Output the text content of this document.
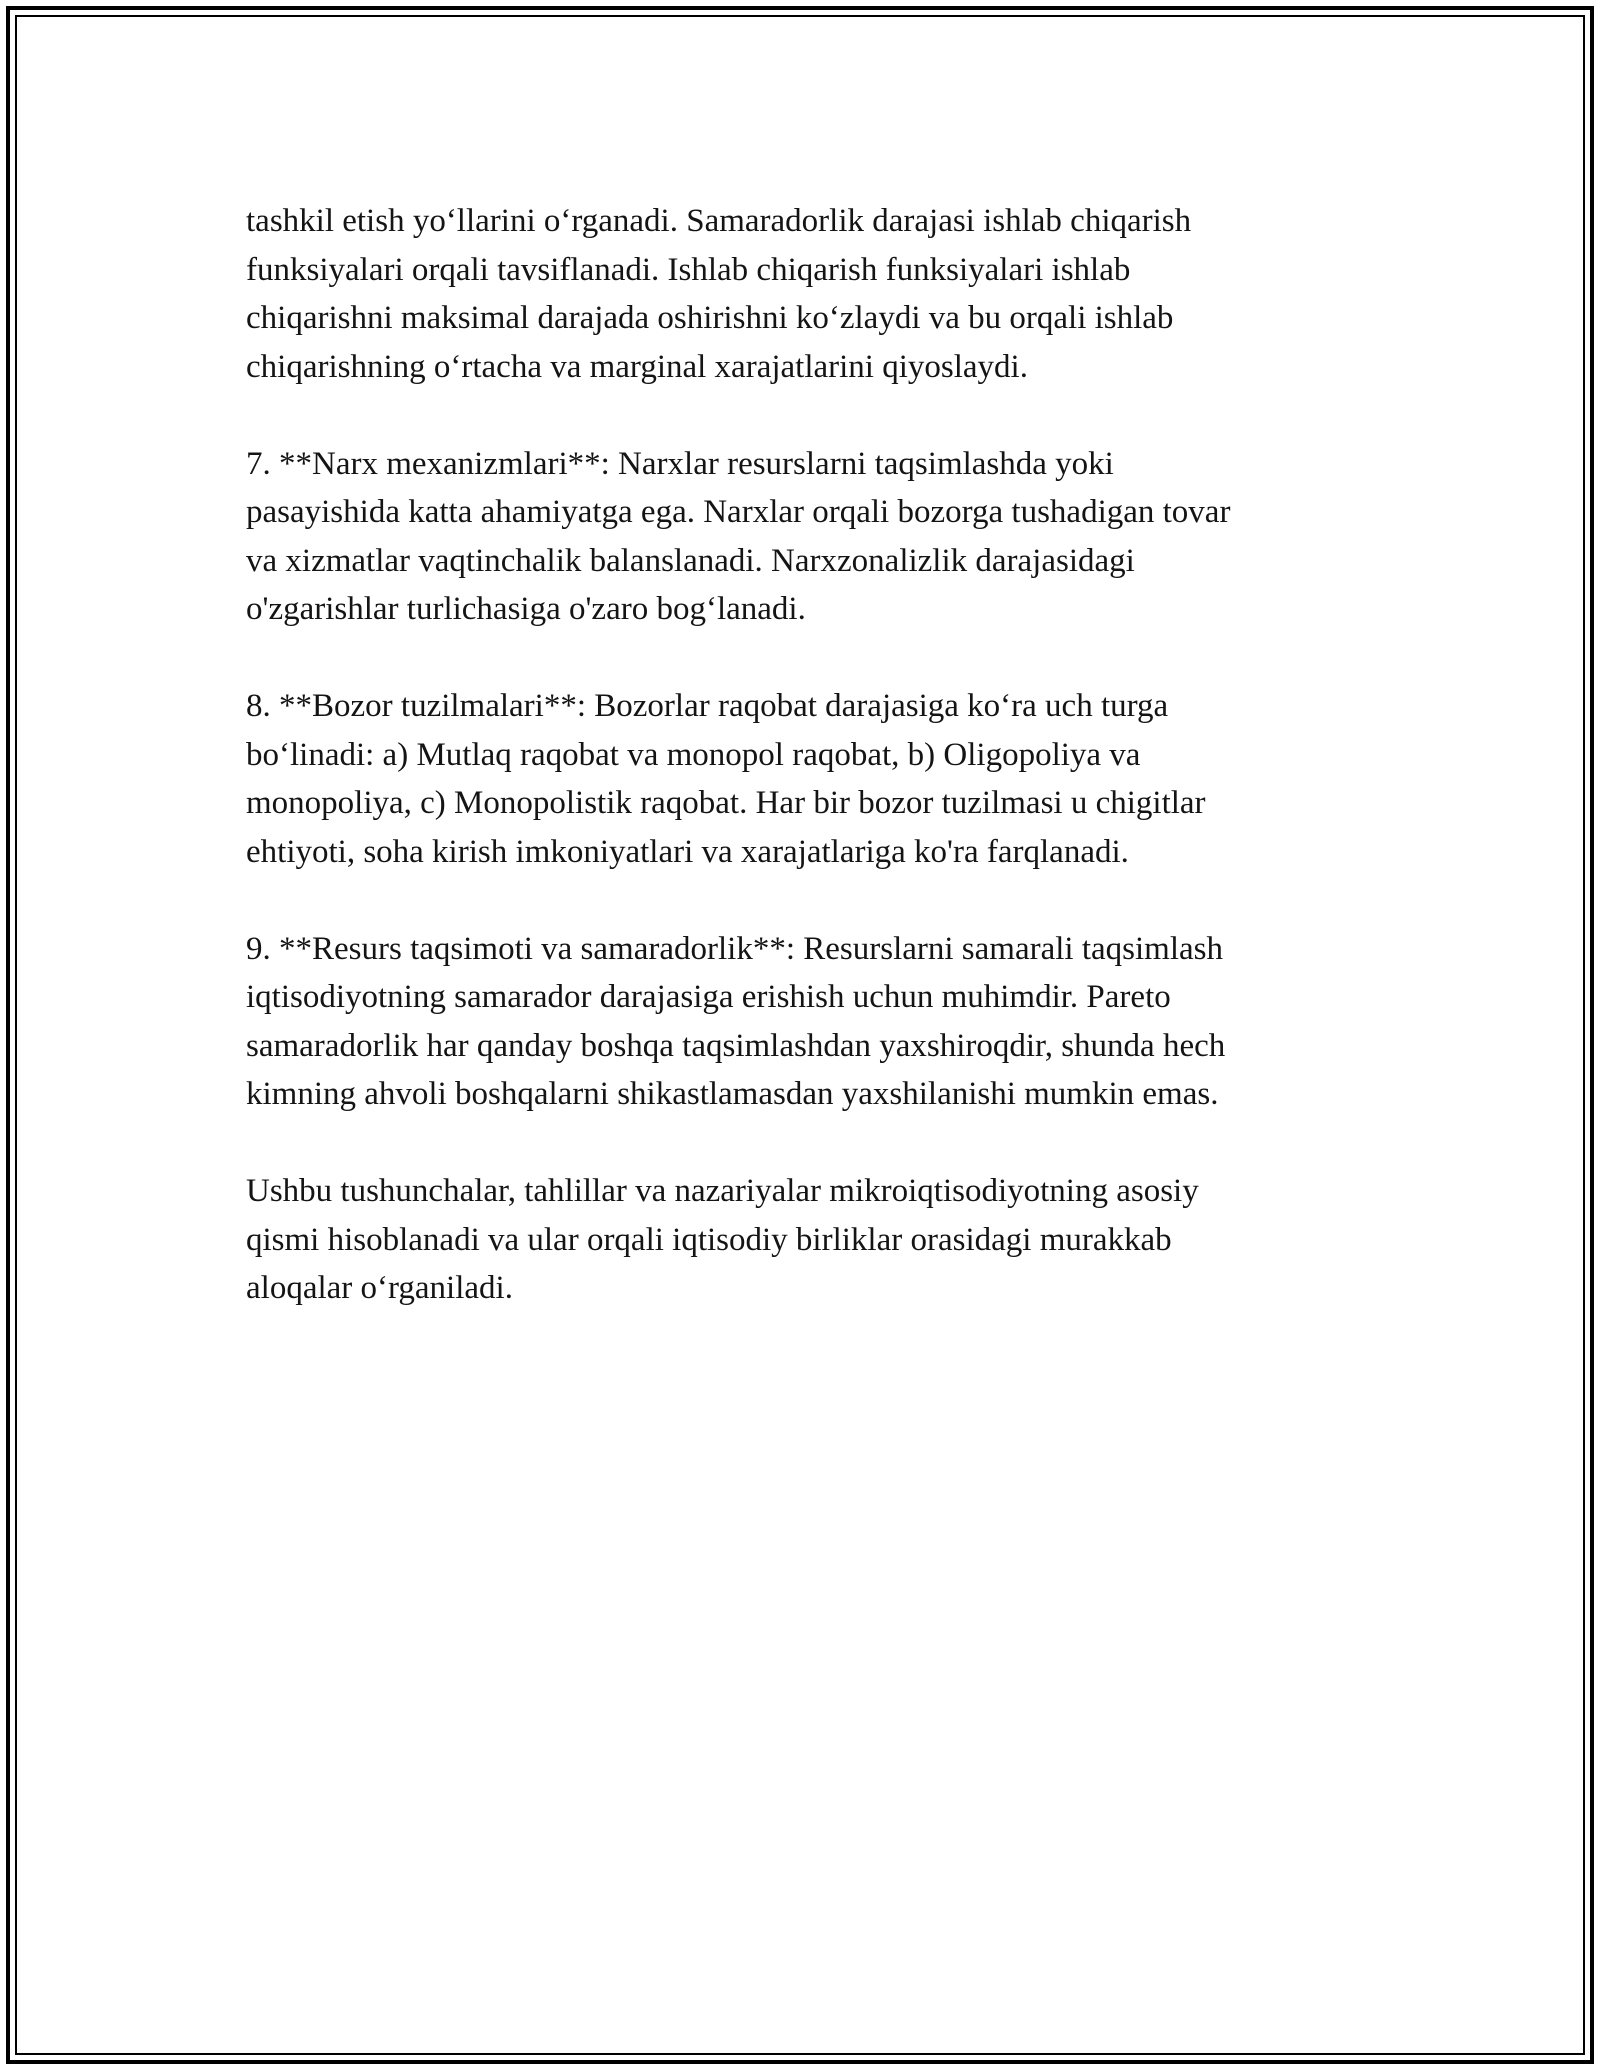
tashkil etish yo‘llarini o‘rganadi. Samaradorlik darajasi ishlab chiqarish
funksiyalari orqali tavsiflanadi. Ishlab chiqarish funksiyalari ishlab
chiqarishni maksimal darajada oshirishni ko‘zlaydi va bu orqali ishlab
chiqarishning o‘rtacha va marginal xarajatlarini qiyoslaydi.

7. **Narx mexanizmlari**: Narxlar resurslarni taqsimlashda yoki
pasayishida katta ahamiyatga ega. Narxlar orqali bozorga tushadigan tovar
va xizmatlar vaqtinchalik balanslanadi. Narxzonalizlik darajasidagi
o'zgarishlar turlichasiga o'zaro bog‘lanadi.

8. **Bozor tuzilmalari**: Bozorlar raqobat darajasiga ko‘ra uch turga
bo‘linadi: a) Mutlaq raqobat va monopol raqobat, b) Oligopoliya va
monopoliya, c) Monopolistik raqobat. Har bir bozor tuzilmasi u chigitlar
ehtiyoti, soha kirish imkoniyatlari va xarajatlariga ko'ra farqlanadi.

9. **Resurs taqsimoti va samaradorlik**: Resurslarni samarali taqsimlash
iqtisodiyotning samarador darajasiga erishish uchun muhimdir. Pareto
samaradorlik har qanday boshqa taqsimlashdan yaxshiroqdir, shunda hech
kimning ahvoli boshqalarni shikastlamasdan yaxshilanishi mumkin emas.

Ushbu tushunchalar, tahlillar va nazariyalar mikroiqtisodiyotning asosiy
qismi hisoblanadi va ular orqali iqtisodiy birliklar orasidagi murakkab
aloqalar o‘rganiladi.
